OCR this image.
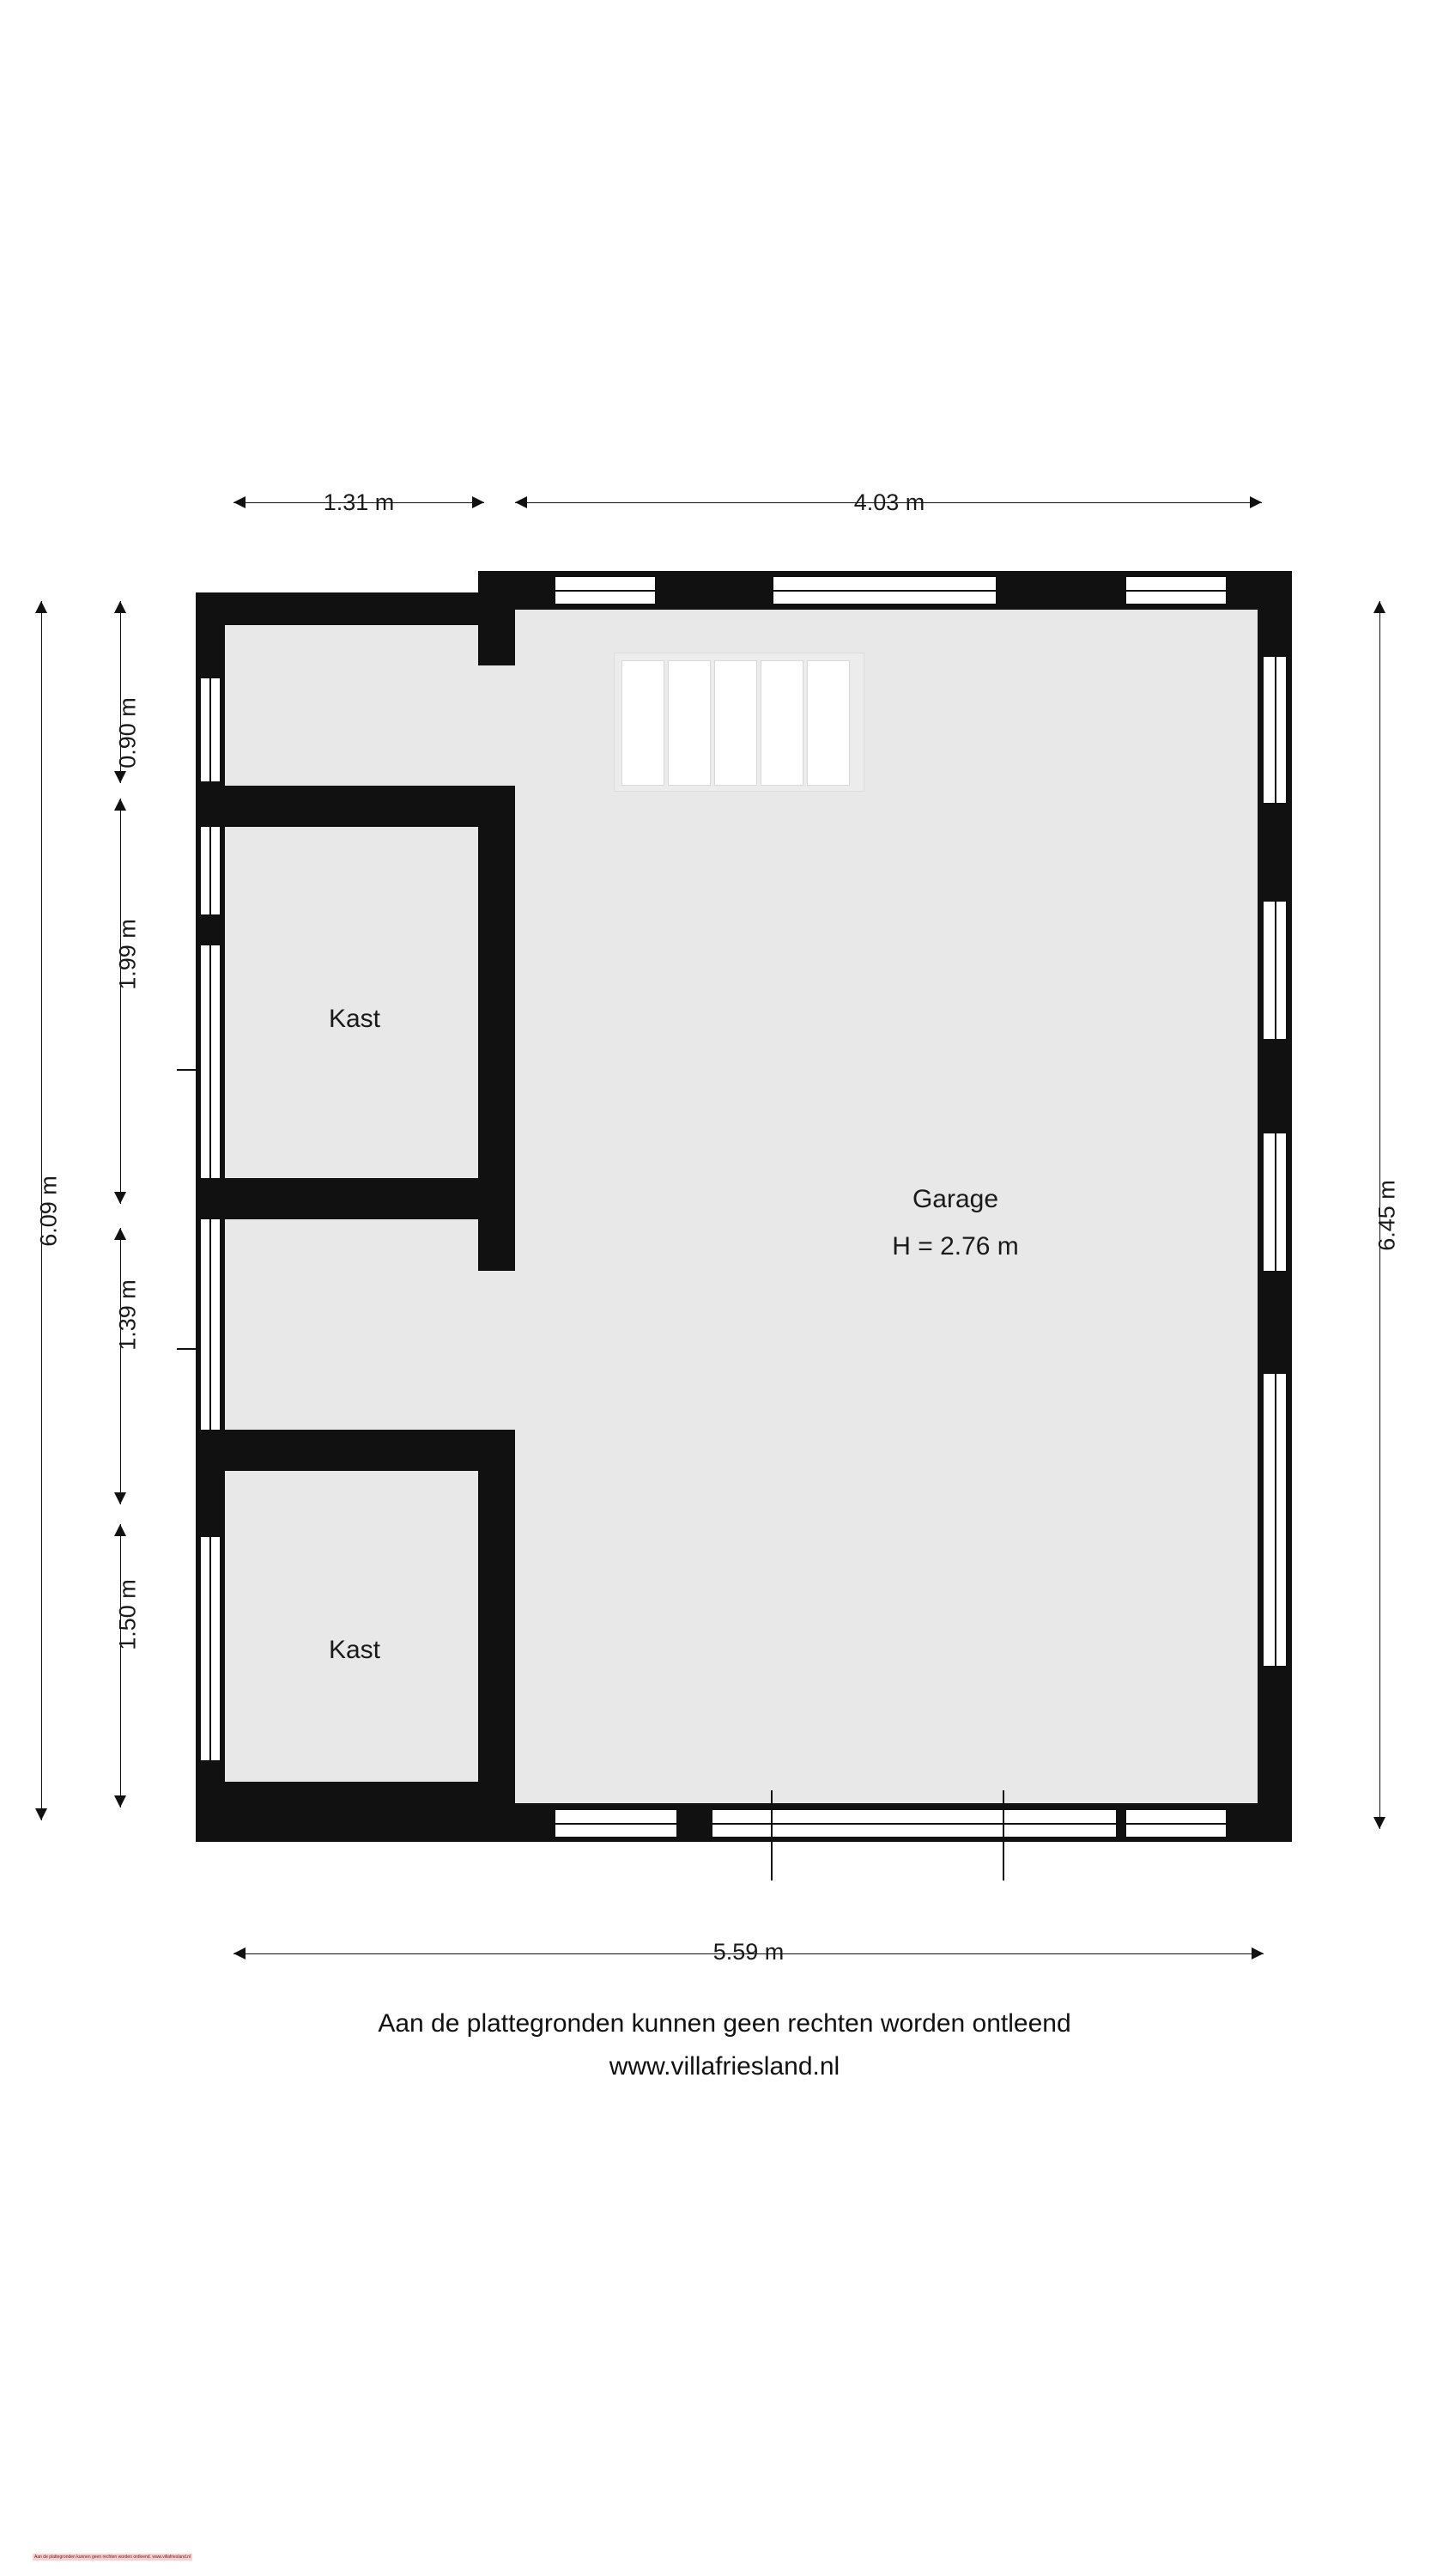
1.31 m	4.03 m
6.09 m
0.90 m
1.99 m
1.39 m
1.50 m
6.45 m
Kast
Kast
Garage
H = 2.76 m
5.59 m
Aan de plattegronden kunnen geen rechten worden ontleend
www.villafriesland.nl
Aan de plattegronden kunnen geen rechten worden ontleend. www.villafriesland.nl
